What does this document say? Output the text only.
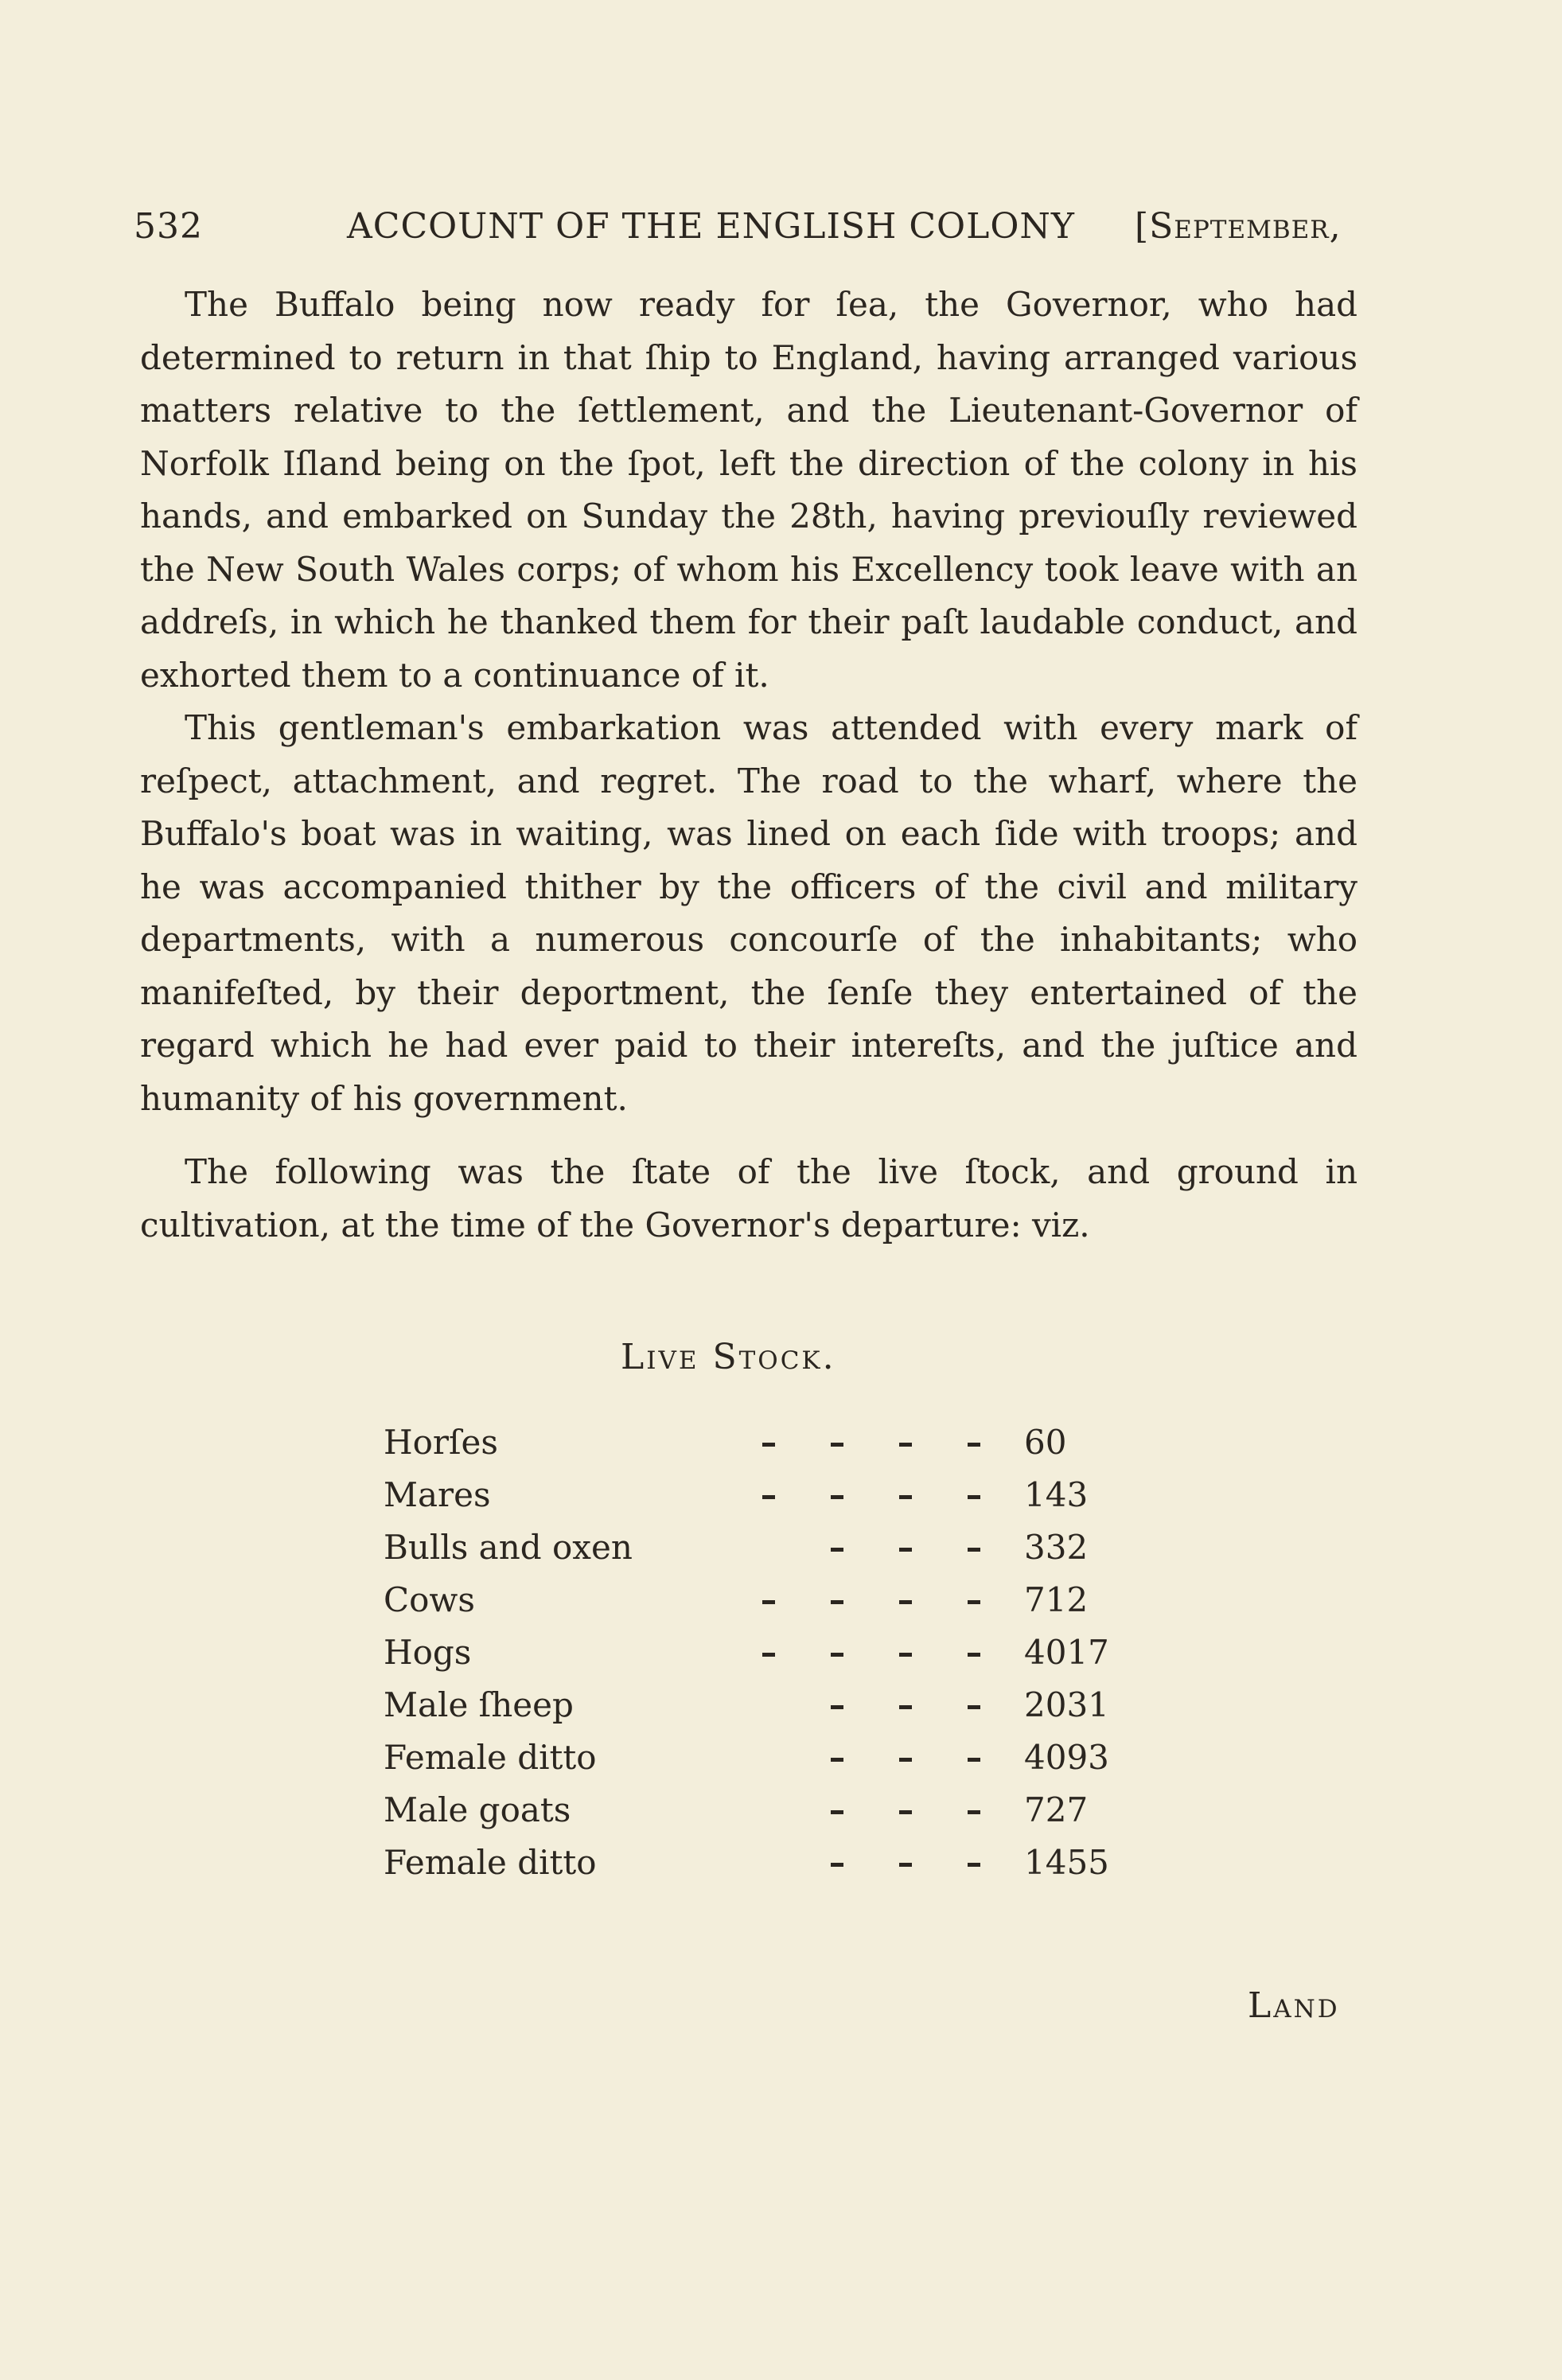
532	ACCOUNT OF THE ENGLISH COLONY [September,

The Buffalo being now ready for ſea, the Governor, who had determined to return in that ſhip to England, having arranged various matters relative to the ſettlement, and the Lieutenant-Governor of Norfolk Iſland being on the ſpot, left the direction of the colony in his hands, and embarked on Sunday the 28th, having previouſly reviewed the New South Wales corps; of whom his Excellency took leave with an addreſs, in which he thanked them for their paſt laudable conduct, and exhorted them to a continuance of it.

This gentleman's embarkation was attended with every mark of reſpect, attachment, and regret. The road to the wharf, where the Buffalo's boat was in waiting, was lined on each ſide with troops; and he was accompanied thither by the officers of the civil and military departments, with a numerous concourſe of the inhabitants; who manifeſted, by their deportment, the ſenſe they entertained of the regard which he had ever paid to their intereſts, and the juſtice and humanity of his government.

The following was the ſtate of the live ſtock, and ground in cultivation, at the time of the Governor's departure: viz.

Live Stock.
Horſes	60
Mares	143
Bulls and oxen	332
Cows	712
Hogs	4017
Male ſheep	2031
Female ditto	4093
Male goats	727
Female ditto	1455
Land
